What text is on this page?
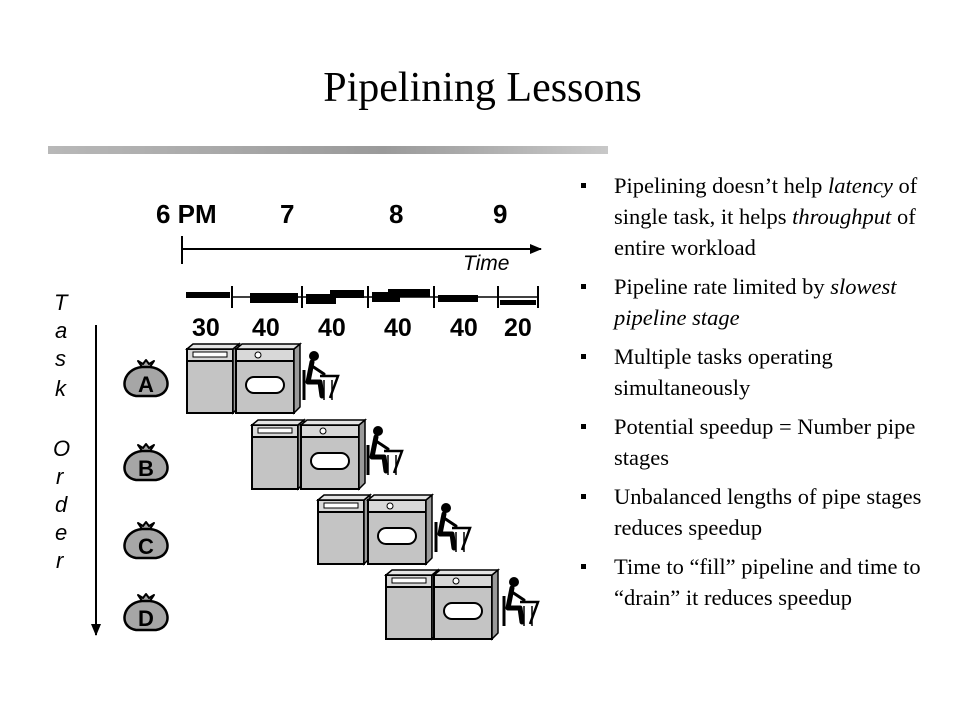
Pipelining Lessons
6 PM 7	8	9
Time
30 40 40 40 40 20
T
a
s
k
O
r
d
e
r
A
B
C
D
Pipelining doesn’t help latency of single task, it helps throughput of entire workload
Pipeline rate limited by slowest pipeline stage
Multiple tasks operating simultaneously
Potential speedup = Number pipe stages
Unbalanced lengths of pipe stages reduces speedup
Time to “fill” pipeline and time to “drain” it reduces speedup
